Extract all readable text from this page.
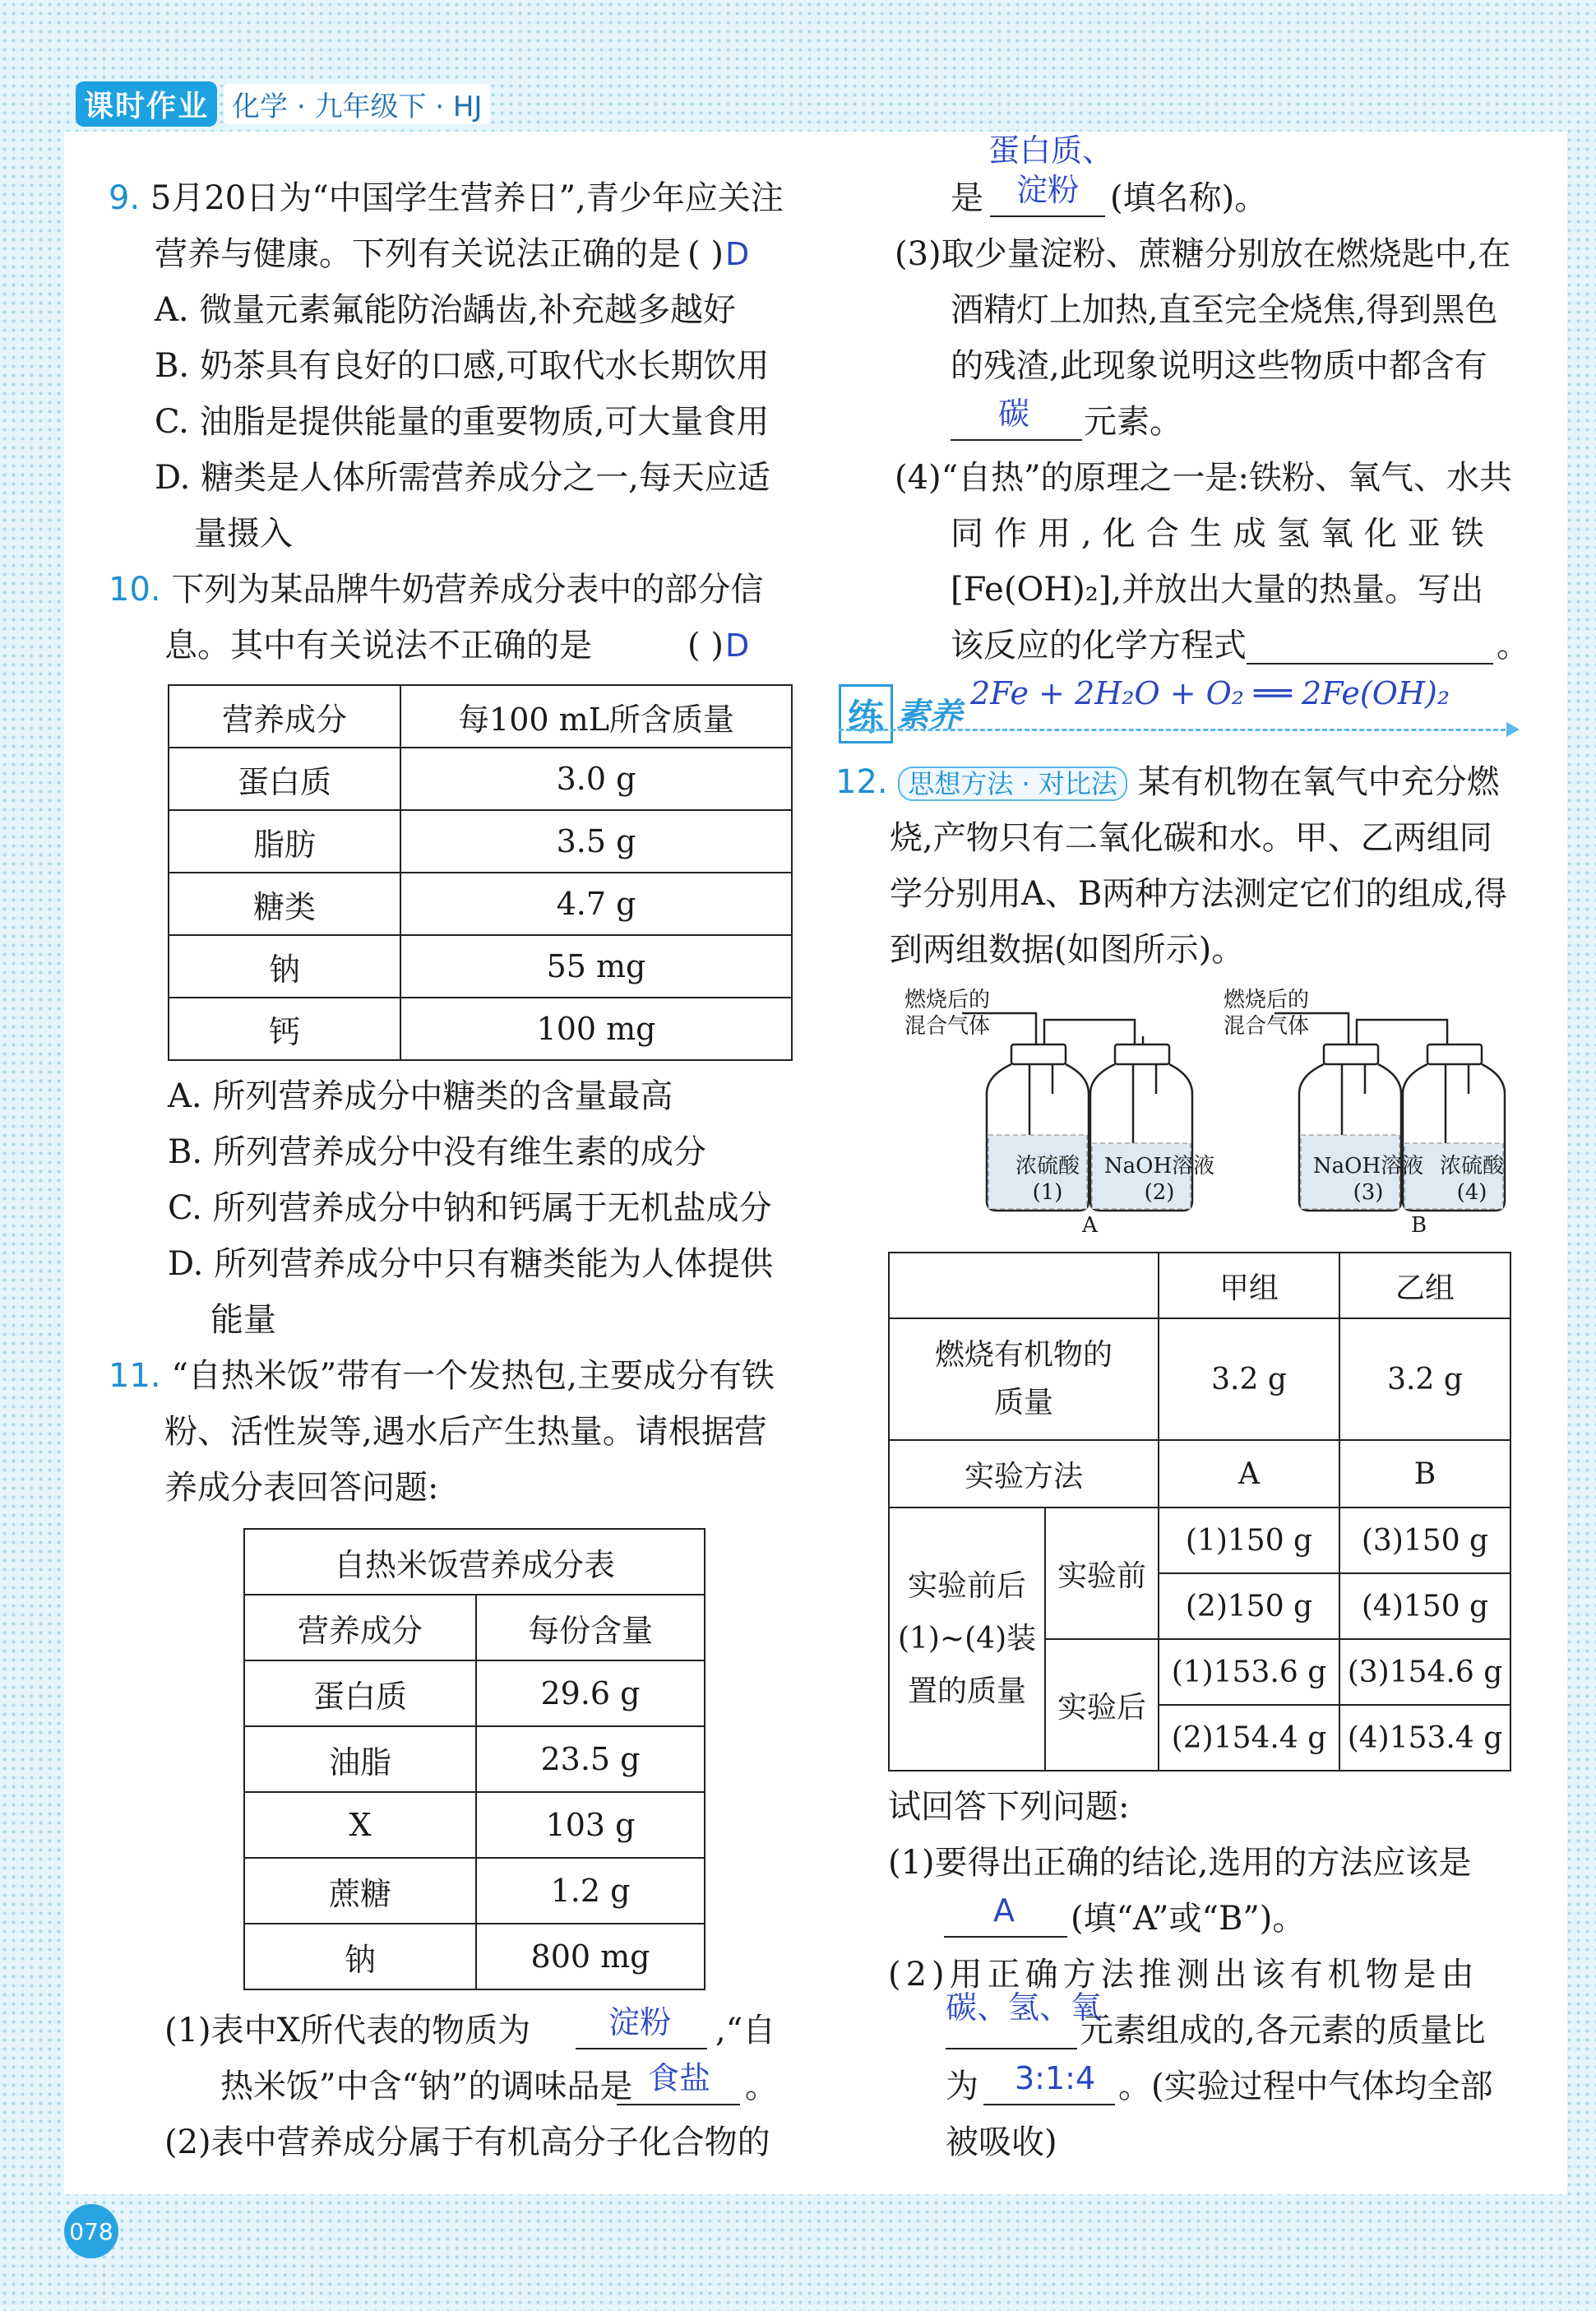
课时作业 化学 · 九年级下 · HJ
9. 5月20日为“中国学生营养日”,青少年应关注
营养与健康。下列有关说法正确的是 ( ) D
A. 微量元素氟能防治龋齿,补充越多越好
B. 奶茶具有良好的口感,可取代水长期饮用
C. 油脂是提供能量的重要物质,可大量食用
D. 糖类是人体所需营养成分之一,每天应适
量摄入
10. 下列为某品牌牛奶营养成分表中的部分信
息。其中有关说法不正确的是	( ) D
营养成分	每100 mL所含质量
蛋白质	3.0 g
脂肪	3.5 g
糖类	4.7 g
钠	55 mg
钙	100 mg
A. 所列营养成分中糖类的含量最高
B. 所列营养成分中没有维生素的成分
C. 所列营养成分中钠和钙属于无机盐成分
D. 所列营养成分中只有糖类能为人体提供
能量
11. “自热米饭”带有一个发热包,主要成分有铁
粉、活性炭等,遇水后产生热量。请根据营
养成分表回答问题:
自热米饭营养成分表	
营养成分	每份含量
蛋白质	29.6 g
油脂	23.5 g
X	103 g
蔗糖	1.2 g
钠	800 mg
(1)表中X所代表的物质为 淀粉 ,“自
热米饭”中含“钠”的调味品是 食盐 。
(2)表中营养成分属于有机高分子化合物的
蛋白质、
是 淀粉 (填名称)。
(3)取少量淀粉、蔗糖分别放在燃烧匙中,在
酒精灯上加热,直至完全烧焦,得到黑色
的残渣,此现象说明这些物质中都含有
碳 元素。
(4)“自热”的原理之一是:铁粉、氧气、水共
同作用,化合生成氢氧化亚铁
[Fe(OH)₂],并放出大量的热量。写出
该反应的化学方程式	。
2Fe + 2H₂O + O₂ ══ 2Fe(OH)₂
练 素养
12. 思想方法 · 对比法 某有机物在氧气中充分燃
烧,产物只有二氧化碳和水。甲、乙两组同
学分别用A、B两种方法测定它们的组成,得
到两组数据(如图所示)。
燃烧后的
混合气体
燃烧后的
混合气体
浓硫酸
(1)
NaOH溶液
(2)
NaOH溶液
(3)
浓硫酸
(4)
A	B
		甲组	乙组
燃烧有机物的质量		3.2 g	3.2 g
实验方法		A	B
实验前后(1)~(4)装置的质量	实验前	(1)150 g	(3)150 g
		(2)150 g	(4)150 g
	实验后	(1)153.6 g	(3)154.6 g
		(2)154.4 g	(4)153.4 g
试回答下列问题:
(1)要得出正确的结论,选用的方法应该是
A (填“A”或“B”)。
(2)用正确方法推测出该有机物是由
碳、氢、氧
元素组成的,各元素的质量比
为 3:1:4 。(实验过程中气体均全部
被吸收)
078
